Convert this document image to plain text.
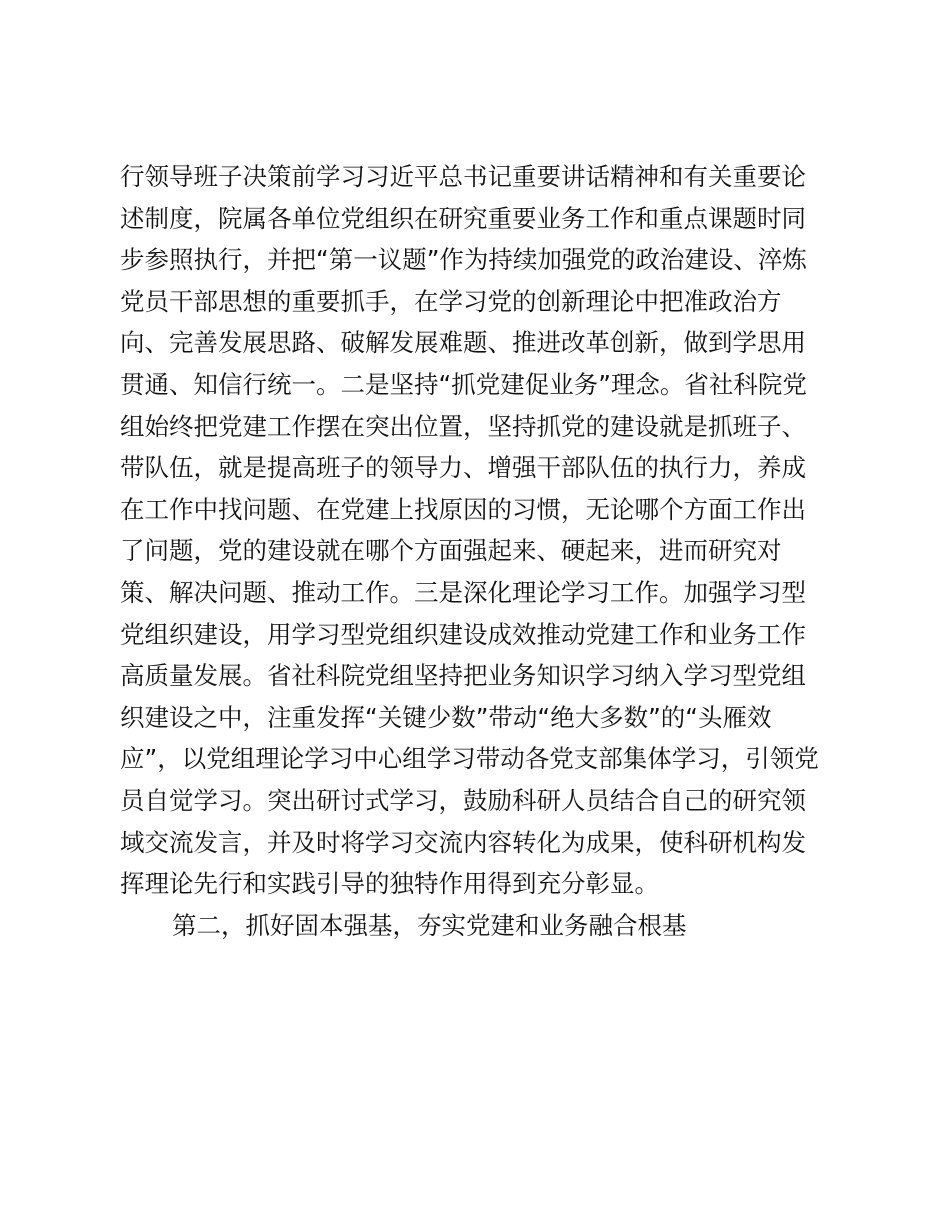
行领导班子决策前学习习近平总书记重要讲话精神和有关重要论
述制度，院属各单位党组织在研究重要业务工作和重点课题时同
步参照执行，并把“第一议题”作为持续加强党的政治建设、淬炼
党员干部思想的重要抓手，在学习党的创新理论中把准政治方
向、完善发展思路、破解发展难题、推进改革创新，做到学思用
贯通、知信行统一。二是坚持“抓党建促业务”理念。省社科院党
组始终把党建工作摆在突出位置，坚持抓党的建设就是抓班子、
带队伍，就是提高班子的领导力、增强干部队伍的执行力，养成
在工作中找问题、在党建上找原因的习惯，无论哪个方面工作出
了问题，党的建设就在哪个方面强起来、硬起来，进而研究对
策、解决问题、推动工作。三是深化理论学习工作。加强学习型
党组织建设，用学习型党组织建设成效推动党建工作和业务工作
高质量发展。省社科院党组坚持把业务知识学习纳入学习型党组
织建设之中，注重发挥“关键少数”带动“绝大多数”的“头雁效
应”，以党组理论学习中心组学习带动各党支部集体学习，引领党
员自觉学习。突出研讨式学习，鼓励科研人员结合自己的研究领
域交流发言，并及时将学习交流内容转化为成果，使科研机构发
挥理论先行和实践引导的独特作用得到充分彰显。
第二，抓好固本强基，夯实党建和业务融合根基
